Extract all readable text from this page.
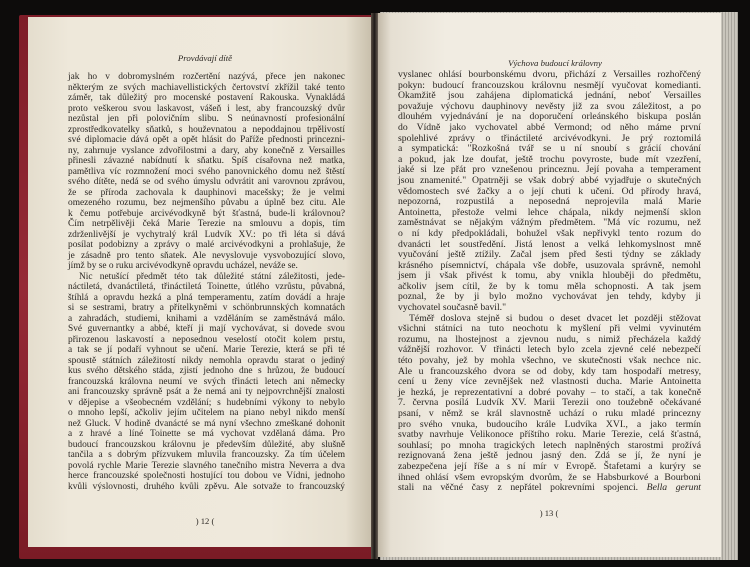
Provdávají dítě
jak ho v dobromyslném rozčertění nazývá, přece jen nakonec
některým ze svých machiavellistických čertovství zkřížil také tento
záměr, tak důležitý pro mocenské postavení Rakouska. Vynakládá
proto veškerou svou laskavost, vášeň i lest, aby francouzský dvůr
nezůstal jen při polovičním slibu. S neúnavností profesionální
zprostředkovatelky sňatků, s houževnatou a nepoddajnou trpělivostí
své diplomacie dává opět a opět hlásit do Paříže přednosti princezni-
ny, zahrnuje vyslance zdvořilostmi a dary, aby konečně z Versailles
přinesli závazné nabídnutí k sňatku. Spíš císařovna než matka,
pamětliva víc rozmnožení moci svého panovnického domu než štěstí
svého dítěte, nedá se od svého úmyslu odvrátit ani varovnou zprávou,
že se příroda zachovala k dauphinovi macešsky; že je velmi
omezeného rozumu, bez nejmenšího půvabu a úplně bez citu. Ale
k čemu potřebuje arcivévodkyně být šťastná, bude-li královnou?
Čím netrpělivěji čeká Marie Terezie na smlouvu a dopis, tím
zdrženlivější je vychytralý král Ludvík XV.: po tři léta si dává
posílat podobizny a zprávy o malé arcivévodkyni a prohlašuje, že
je zásadně pro tento sňatek. Ale nevyslovuje vysvobozující slovo,
jímž by se o ruku arcivévodkyně opravdu ucházel, neváže se.
Nic netušící předmět této tak důležité státní záležitosti, jede-
náctiletá, dvanáctiletá, třináctiletá Toinette, útlého vzrůstu, půvabná,
štíhlá a opravdu hezká a plná temperamentu, zatím dovádí a hraje
si se sestrami, bratry a přítelkyněmi v schönbrunnských komnatách
a zahradách, studiemi, knihami a vzděláním se zaměstnává málo.
Své guvernantky a abbé, kteří ji mají vychovávat, si dovede svou
přirozenou laskavostí a neposednou veselostí otočit kolem prstu,
a tak se jí podaří vyhnout se učení. Marie Terezie, která se při té
spoustě státních záležitostí nikdy nemohla opravdu starat o jediný
kus svého dětského stáda, zjistí jednoho dne s hrůzou, že budoucí
francouzská královna neumí ve svých třinácti letech ani německy
ani francouzsky správně psát a že nemá ani ty nejpovrchnější znalosti
v dějepise a všeobecném vzdělání; s hudebními výkony to nebylo
o mnoho lepší, ačkoliv jejím učitelem na piano nebyl nikdo menší
než Gluck. V hodině dvanácté se má nyní všechno zmeškané dohonit
a z hravé a líné Toinette se má vychovat vzdělaná dáma. Pro
budoucí francouzskou královnu je především důležité, aby slušně
tančila a s dobrým přízvukem mluvila francouzsky. Za tím účelem
povolá rychle Marie Terezie slavného tanečního mistra Neverra a dva
herce francouzské společnosti hostující tou dobou ve Vídni, jednoho
kvůli výslovnosti, druhého kvůli zpěvu. Ale sotvaže to francouzský
) 12 (
Výchova budoucí královny
vyslanec ohlásí bourbonskému dvoru, přichází z Versailles rozhořčený
pokyn: budoucí francouzskou královnu nesmějí vyučovat komedianti.
Okamžitě jsou zahájena diplomatická jednání, neboť Versailles
považuje výchovu dauphinovy nevěsty již za svou záležitost, a po
dlouhém vyjednávání je na doporučení orleánského biskupa poslán
do Vídně jako vychovatel abbé Vermond; od něho máme první
spolehlivé zprávy o třináctileté arcivévodkyni. Je prý roztomilá
a sympatická: "Rozkošná tvář se u ní snoubí s grácií chování
a pokud, jak lze doufat, ještě trochu povyroste, bude mít vzezření,
jaké si lze přát pro vznešenou princeznu. Její povaha a temperament
jsou znamenité." Opatrněji se však dobrý abbé vyjadřuje o skutečných
vědomostech své žačky a o její chuti k učení. Od přírody hravá,
nepozorná, rozpustilá a neposedná neprojevila malá Marie
Antoinetta, přestože velmi lehce chápala, nikdy nejmenší sklon
zaměstnávat se nějakým vážným předmětem. "Má víc rozumu, než
o ní kdy předpokládali, bohužel však nepřivykl tento rozum do
dvanácti let soustředění. Jistá lenost a velká lehkomyslnost mně
vyučování ještě ztížily. Začal jsem před šesti týdny se základy
krásného písemnictví, chápala vše dobře, usuzovala správně, nemohl
jsem ji však přivést k tomu, aby vnikla hlouběji do předmětu,
ačkoliv jsem cítil, že by k tomu měla schopnosti. A tak jsem
poznal, že by ji bylo možno vychovávat jen tehdy, kdyby ji
vychovatel současně bavil."
Téměř doslova stejně si budou o deset dvacet let později stěžovat
všichni státníci na tuto neochotu k myšlení při velmi vyvinutém
rozumu, na lhostejnost a zjevnou nudu, s nimiž přecházela každý
vážnější rozhovor. V třinácti letech bylo zcela zjevné celé nebezpečí
této povahy, jež by mohla všechno, ve skutečnosti však nechce nic.
Ale u francouzského dvora se od doby, kdy tam hospodaří metresy,
cení u ženy více zevnějšek než vlastnosti ducha. Marie Antoinetta
je hezká, je reprezentativní a dobré povahy – to stačí, a tak konečně
7. června posílá Ludvík XV. Marii Terezii ono toužebně očekávané
psaní, v němž se král slavnostně uchází o ruku mladé princezny
pro svého vnuka, budoucího krále Ludvíka XVI., a jako termín
svatby navrhuje Velikonoce příštího roku. Marie Terezie, celá šťastná,
souhlasí; po mnoha tragických letech naplněných starostmi prožívá
rezignovaná žena ještě jednou jasný den. Zdá se jí, že nyní je
zabezpečena její říše a s ní mír v Evropě. Štafetami a kurýry se
ihned ohlásí všem evropským dvorům, že se Habsburkové a Bourboni
stali na věčné časy z nepřátel pokrevními spojenci. Bella gerunt
) 13 (
